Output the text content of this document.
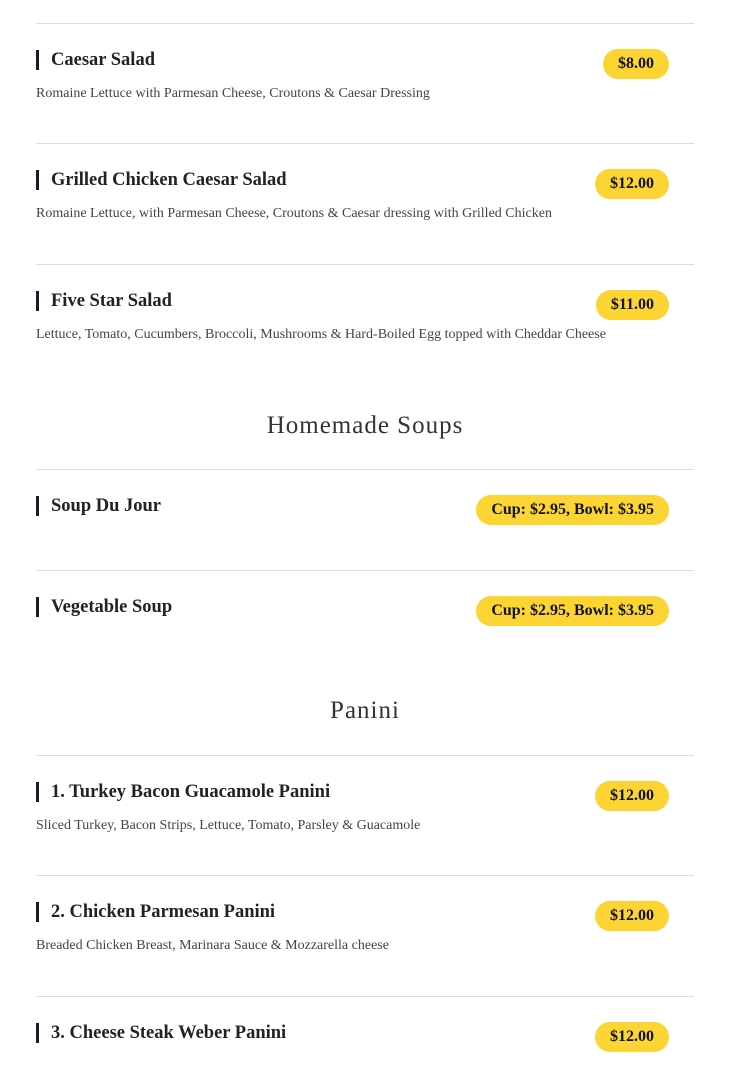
Caesar Salad	$8.00
Romaine Lettuce with Parmesan Cheese, Croutons & Caesar Dressing
Grilled Chicken Caesar Salad	$12.00
Romaine Lettuce, with Parmesan Cheese, Croutons & Caesar dressing with Grilled Chicken
Five Star Salad	$11.00
Lettuce, Tomato, Cucumbers, Broccoli, Mushrooms & Hard-Boiled Egg topped with Cheddar Cheese
Homemade Soups
Soup Du Jour	Cup: $2.95, Bowl: $3.95
Vegetable Soup	Cup: $2.95, Bowl: $3.95
Panini
1. Turkey Bacon Guacamole Panini	$12.00
Sliced Turkey, Bacon Strips, Lettuce, Tomato, Parsley & Guacamole
2. Chicken Parmesan Panini	$12.00
Breaded Chicken Breast, Marinara Sauce & Mozzarella cheese
3. Cheese Steak Weber Panini	$12.00
